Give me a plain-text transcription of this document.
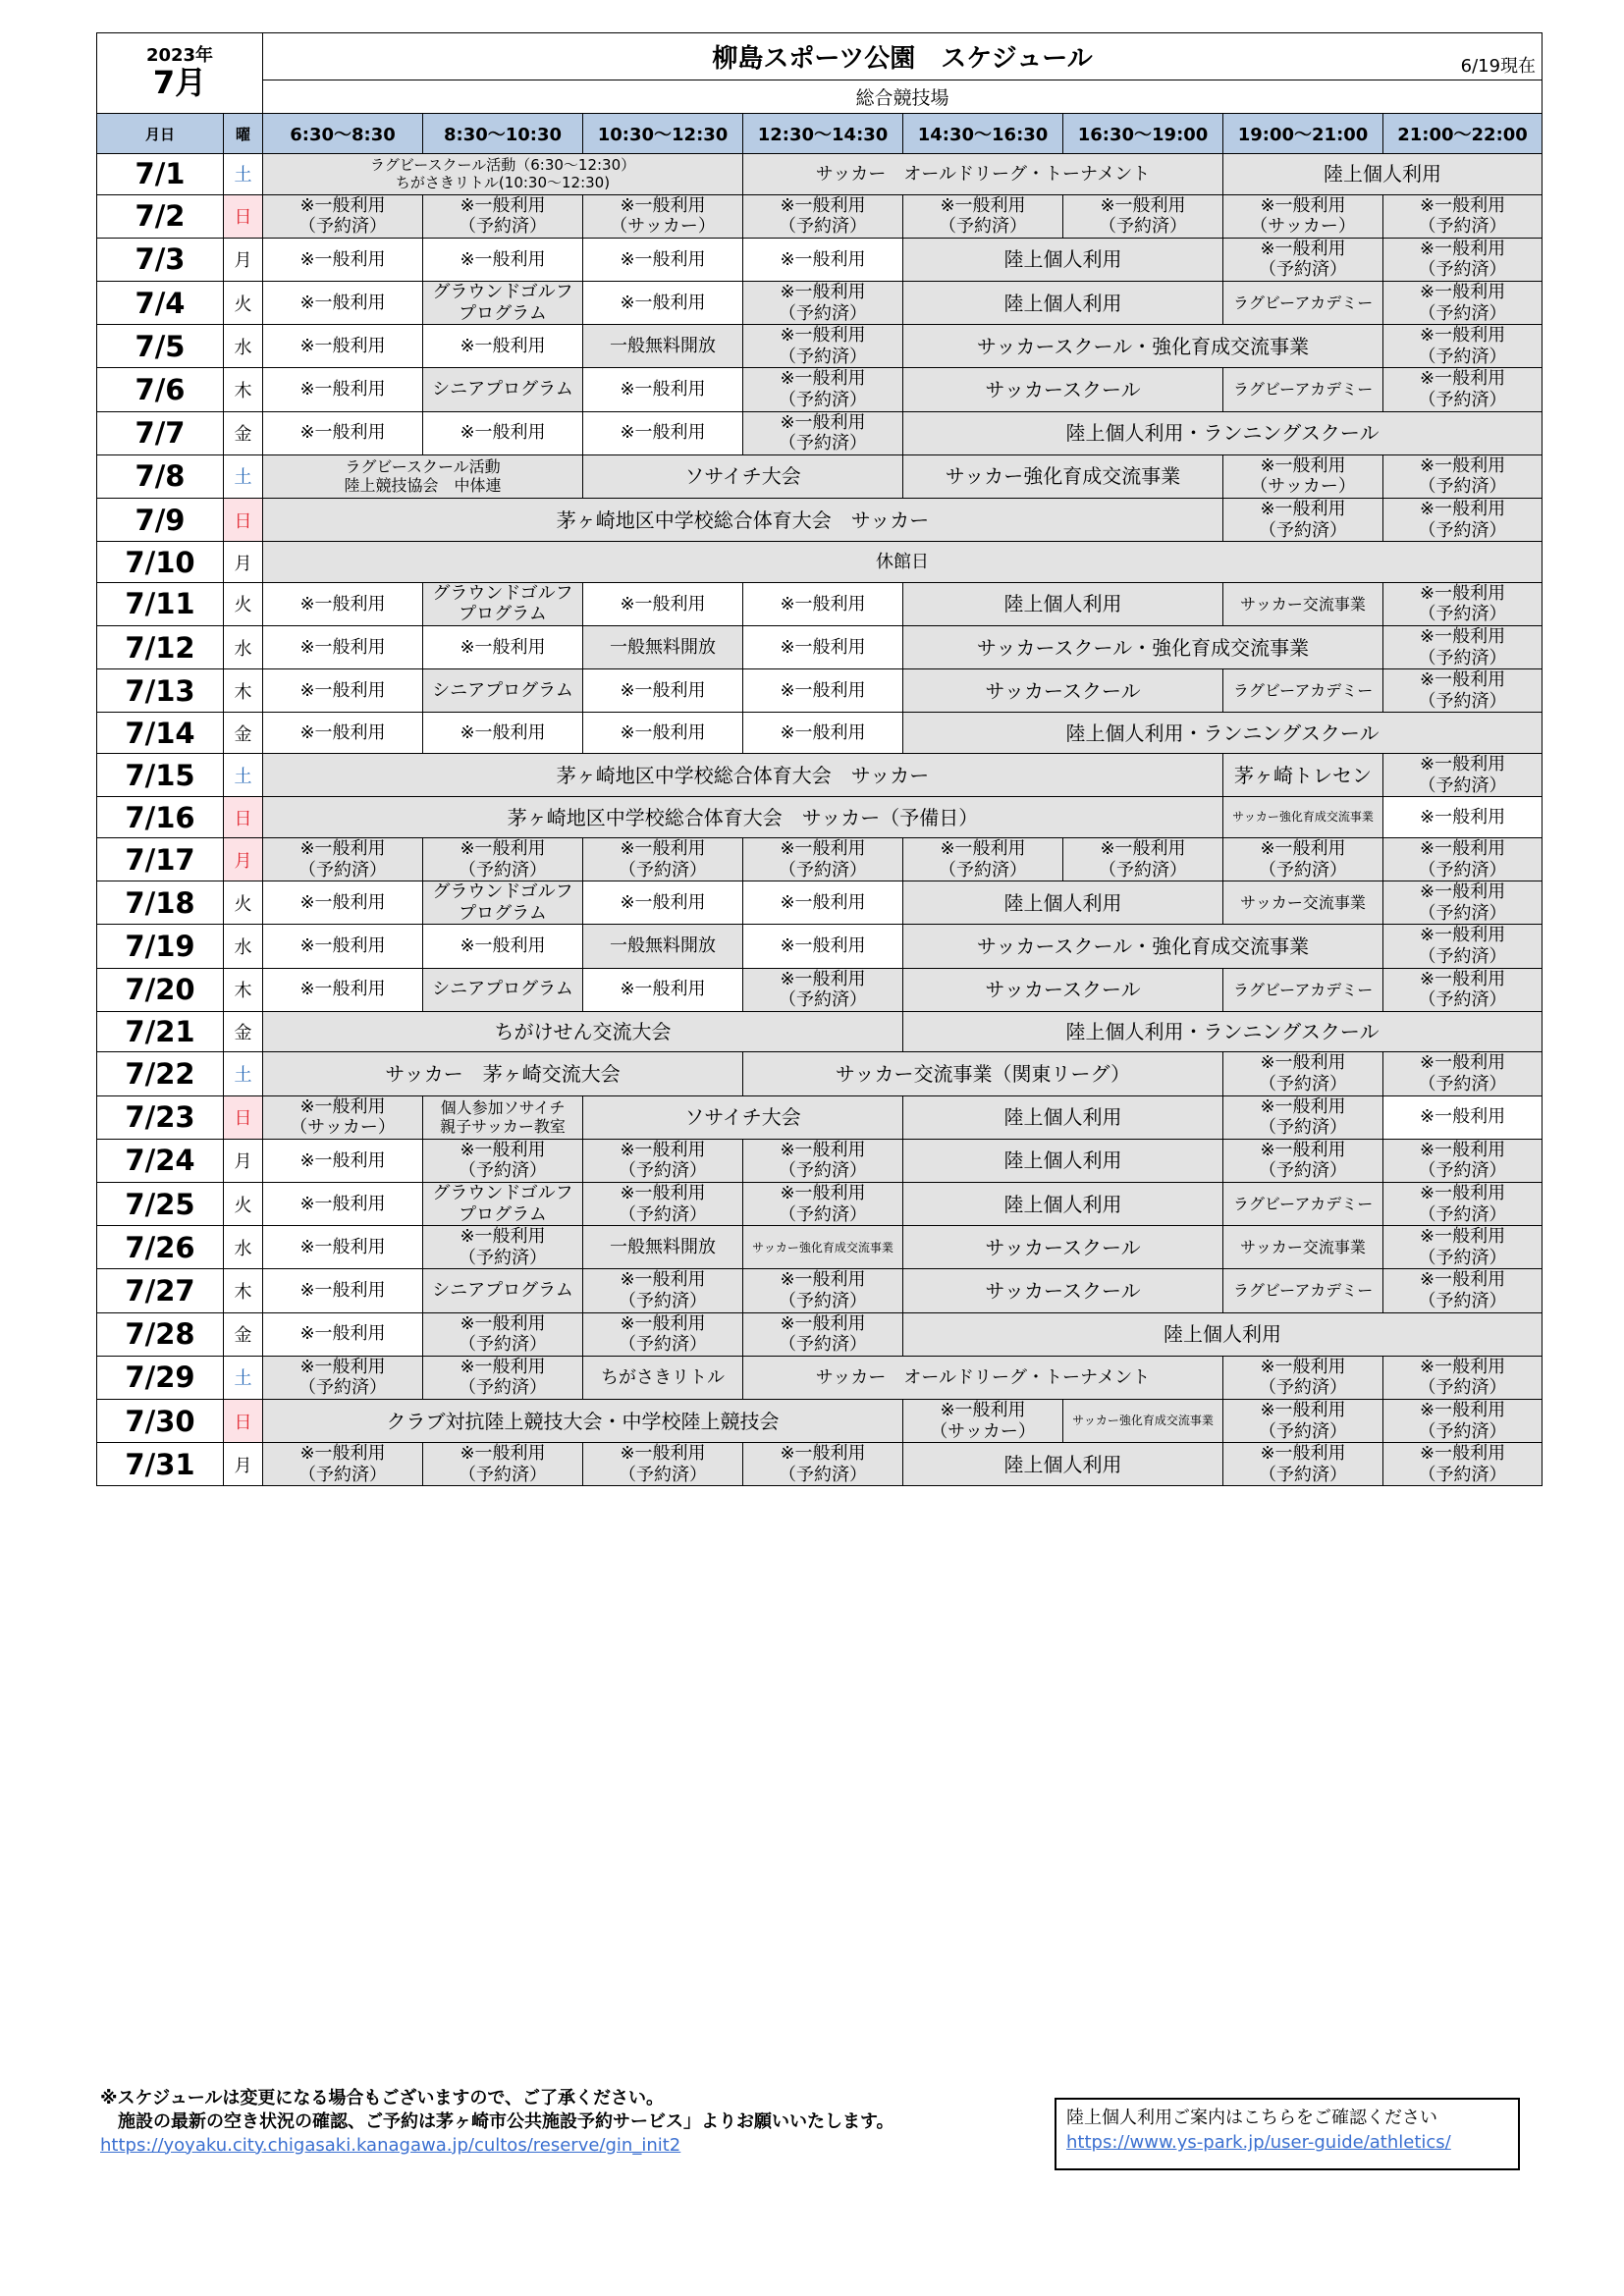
2023年
7月		柳島スポーツ公園　スケジュール 6/19現在							

		総合競技場							
月日	曜	6:30～8:30	8:30～10:30	10:30～12:30	12:30～14:30	14:30～16:30	16:30～19:00	19:00～21:00	21:00～22:00
7/1	土	ラグビースクール活動（6:30～12:30）
ちがさきリトル(10:30～12:30)			サッカー　オールドリーグ・トーナメント			陸上個人利用	
7/2	日	※一般利用
（予約済）	※一般利用
（予約済）	※一般利用
（サッカー）	※一般利用
（予約済）	※一般利用
（予約済）	※一般利用
（予約済）	※一般利用
（サッカー）	※一般利用
（予約済）
7/3	月	※一般利用	※一般利用	※一般利用	※一般利用	陸上個人利用		※一般利用
（予約済）	※一般利用
（予約済）
7/4	火	※一般利用	グラウンドゴルフ
プログラム	※一般利用	※一般利用
（予約済）	陸上個人利用		ラグビーアカデミー	※一般利用
（予約済）
7/5	水	※一般利用	※一般利用	一般無料開放	※一般利用
（予約済）	サッカースクール・強化育成交流事業			※一般利用
（予約済）
7/6	木	※一般利用	シニアプログラム	※一般利用	※一般利用
（予約済）	サッカースクール		ラグビーアカデミー	※一般利用
（予約済）
7/7	金	※一般利用	※一般利用	※一般利用	※一般利用
（予約済）	陸上個人利用・ランニングスクール			
7/8	土	ラグビースクール活動
陸上競技協会　中体連		ソサイチ大会		サッカー強化育成交流事業		※一般利用
（サッカー）	※一般利用
（予約済）
7/9	日	茅ヶ崎地区中学校総合体育大会　サッカー						※一般利用
（予約済）	※一般利用
（予約済）
7/10	月	休館日							
7/11	火	※一般利用	グラウンドゴルフ
プログラム	※一般利用	※一般利用	陸上個人利用		サッカー交流事業	※一般利用
（予約済）
7/12	水	※一般利用	※一般利用	一般無料開放	※一般利用	サッカースクール・強化育成交流事業			※一般利用
（予約済）
7/13	木	※一般利用	シニアプログラム	※一般利用	※一般利用	サッカースクール		ラグビーアカデミー	※一般利用
（予約済）
7/14	金	※一般利用	※一般利用	※一般利用	※一般利用	陸上個人利用・ランニングスクール			
7/15	土	茅ヶ崎地区中学校総合体育大会　サッカー						茅ヶ崎トレセン	※一般利用
（予約済）
7/16	日	茅ヶ崎地区中学校総合体育大会　サッカー（予備日）						サッカー強化育成交流事業	※一般利用
7/17	月	※一般利用
（予約済）	※一般利用
（予約済）	※一般利用
（予約済）	※一般利用
（予約済）	※一般利用
（予約済）	※一般利用
（予約済）	※一般利用
（予約済）	※一般利用
（予約済）
7/18	火	※一般利用	グラウンドゴルフ
プログラム	※一般利用	※一般利用	陸上個人利用		サッカー交流事業	※一般利用
（予約済）
7/19	水	※一般利用	※一般利用	一般無料開放	※一般利用	サッカースクール・強化育成交流事業			※一般利用
（予約済）
7/20	木	※一般利用	シニアプログラム	※一般利用	※一般利用
（予約済）	サッカースクール		ラグビーアカデミー	※一般利用
（予約済）
7/21	金	ちがけせん交流大会				陸上個人利用・ランニングスクール			
7/22	土	サッカー　茅ヶ崎交流大会			サッカー交流事業（関東リーグ）			※一般利用
（予約済）	※一般利用
（予約済）
7/23	日	※一般利用
（サッカー）	個人参加ソサイチ
親子サッカー教室	ソサイチ大会		陸上個人利用		※一般利用
（予約済）	※一般利用
7/24	月	※一般利用	※一般利用
（予約済）	※一般利用
（予約済）	※一般利用
（予約済）	陸上個人利用		※一般利用
（予約済）	※一般利用
（予約済）
7/25	火	※一般利用	グラウンドゴルフ
プログラム	※一般利用
（予約済）	※一般利用
（予約済）	陸上個人利用		ラグビーアカデミー	※一般利用
（予約済）
7/26	水	※一般利用	※一般利用
（予約済）	一般無料開放	サッカー強化育成交流事業	サッカースクール		サッカー交流事業	※一般利用
（予約済）
7/27	木	※一般利用	シニアプログラム	※一般利用
（予約済）	※一般利用
（予約済）	サッカースクール		ラグビーアカデミー	※一般利用
（予約済）
7/28	金	※一般利用	※一般利用
（予約済）	※一般利用
（予約済）	※一般利用
（予約済）	陸上個人利用			
7/29	土	※一般利用
（予約済）	※一般利用
（予約済）	ちがさきリトル	サッカー　オールドリーグ・トーナメント			※一般利用
（予約済）	※一般利用
（予約済）
7/30	日	クラブ対抗陸上競技大会・中学校陸上競技会				※一般利用
（サッカー）	サッカー強化育成交流事業	※一般利用
（予約済）	※一般利用
（予約済）
7/31	月	※一般利用
（予約済）	※一般利用
（予約済）	※一般利用
（予約済）	※一般利用
（予約済）	陸上個人利用		※一般利用
（予約済）	※一般利用
（予約済）
※スケジュールは変更になる場合もございますので、ご了承ください。
　施設の最新の空き状況の確認、ご予約は茅ヶ崎市公共施設予約サービス」よりお願いいたします。
https://yoyaku.city.chigasaki.kanagawa.jp/cultos/reserve/gin_init2
陸上個人利用ご案内はこちらをご確認ください
https://www.ys-park.jp/user-guide/athletics/
